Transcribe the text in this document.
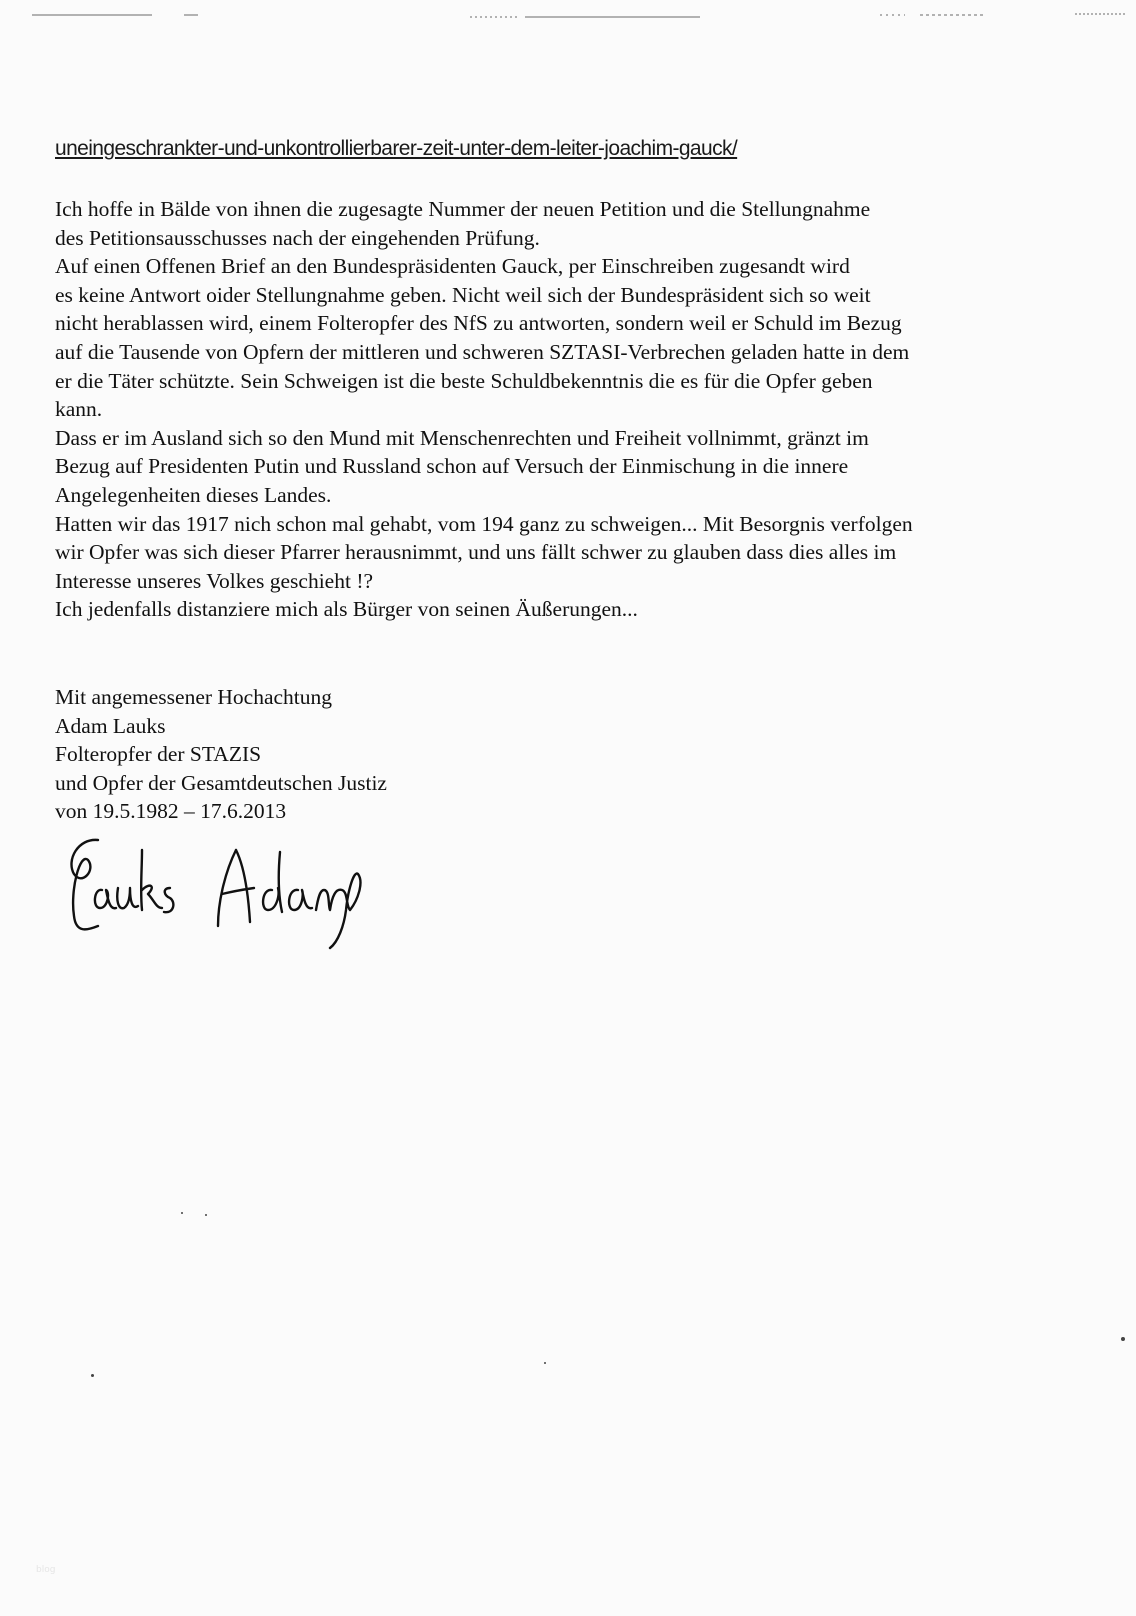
uneingeschrankter-und-unkontrollierbarer-zeit-unter-dem-leiter-joachim-gauck/
Ich hoffe in Bälde von ihnen die zugesagte Nummer der neuen Petition und die Stellungnahme
des Petitionsausschusses nach der eingehenden Prüfung.
Auf einen Offenen Brief an den Bundespräsidenten Gauck, per Einschreiben zugesandt wird
es keine Antwort oider Stellungnahme geben. Nicht weil sich der Bundespräsident sich so weit
nicht herablassen wird, einem Folteropfer des NfS zu antworten, sondern weil er Schuld im Bezug
auf die Tausende von Opfern der mittleren und schweren SZTASI-Verbrechen geladen hatte in dem
er die Täter schützte. Sein Schweigen ist die beste Schuldbekenntnis die es für die Opfer geben
kann.
Dass er im Ausland sich so den Mund mit Menschenrechten und Freiheit vollnimmt, gränzt im
Bezug auf Presidenten Putin und Russland schon auf Versuch der Einmischung in die innere
Angelegenheiten dieses Landes.
Hatten wir das 1917 nich schon mal gehabt, vom 194 ganz zu schweigen... Mit Besorgnis verfolgen
wir Opfer was sich dieser Pfarrer herausnimmt, und uns fällt schwer zu glauben dass dies alles im
Interesse unseres Volkes geschieht !?
Ich jedenfalls distanziere mich als Bürger von seinen Äußerungen...
Mit angemessener Hochachtung
Adam Lauks
Folteropfer der STAZIS
und Opfer der Gesamtdeutschen Justiz
von 19.5.1982 – 17.6.2013
blog
